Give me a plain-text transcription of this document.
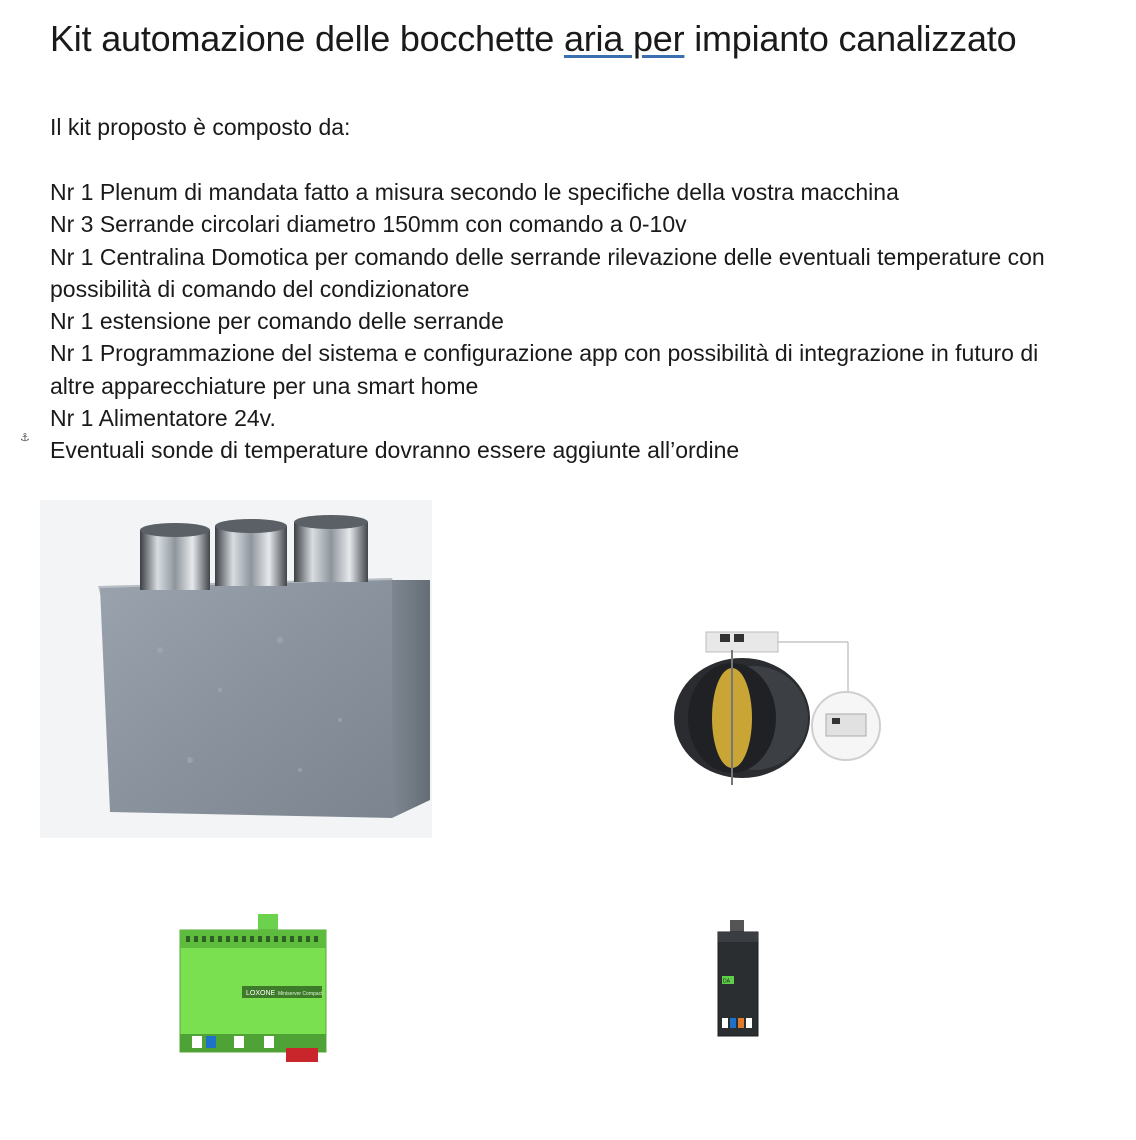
Kit automazione delle bocchette aria per impianto canalizzato

Il kit proposto è composto da:

Nr 1 Plenum di mandata fatto a misura secondo le specifiche della vostra macchina
Nr 3 Serrande circolari diametro 150mm con comando a 0-10v
Nr 1 Centralina Domotica per comando delle serrande rilevazione delle eventuali temperature con possibilità di comando del condizionatore
Nr 1 estensione per comando delle serrande
Nr 1 Programmazione del sistema e configurazione app con possibilità di integrazione in futuro di altre apparecchiature per una smart home
Nr 1 Alimentatore 24v.
Eventuali sonde di temperature dovranno essere aggiunte all’ordine
⚓
LOXONE Miniserver Compact
DA
